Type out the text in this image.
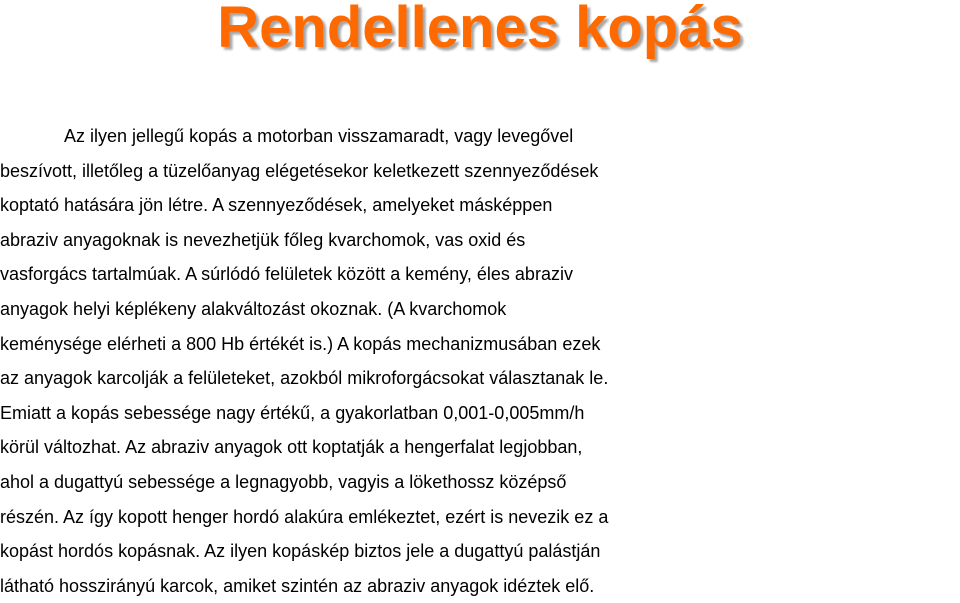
Rendellenes kopás
Az ilyen jellegű kopás a motorban visszamaradt, vagy levegővel
beszívott, illetőleg a tüzelőanyag elégetésekor keletkezett szennyeződések
koptató hatására jön létre. A szennyeződések, amelyeket másképpen
abraziv anyagoknak is nevezhetjük főleg kvarchomok, vas oxid és
vasforgács tartalmúak. A súrlódó felületek között a kemény, éles abraziv
anyagok helyi képlékeny alakváltozást okoznak. (A kvarchomok
keménysége elérheti a 800 Hb értékét is.) A kopás mechanizmusában ezek
az anyagok karcolják a felületeket, azokból mikroforgácsokat választanak le.
Emiatt a kopás sebessége nagy értékű, a gyakorlatban 0,001-0,005mm/h
körül változhat. Az abraziv anyagok ott koptatják a hengerfalat legjobban,
ahol a dugattyú sebessége a legnagyobb, vagyis a lökethossz középső
részén. Az így kopott henger hordó alakúra emlékeztet, ezért is nevezik ez a
kopást hordós kopásnak. Az ilyen kopáskép biztos jele a dugattyú palástján
látható hosszirányú karcok, amiket szintén az abraziv anyagok idéztek elő.
